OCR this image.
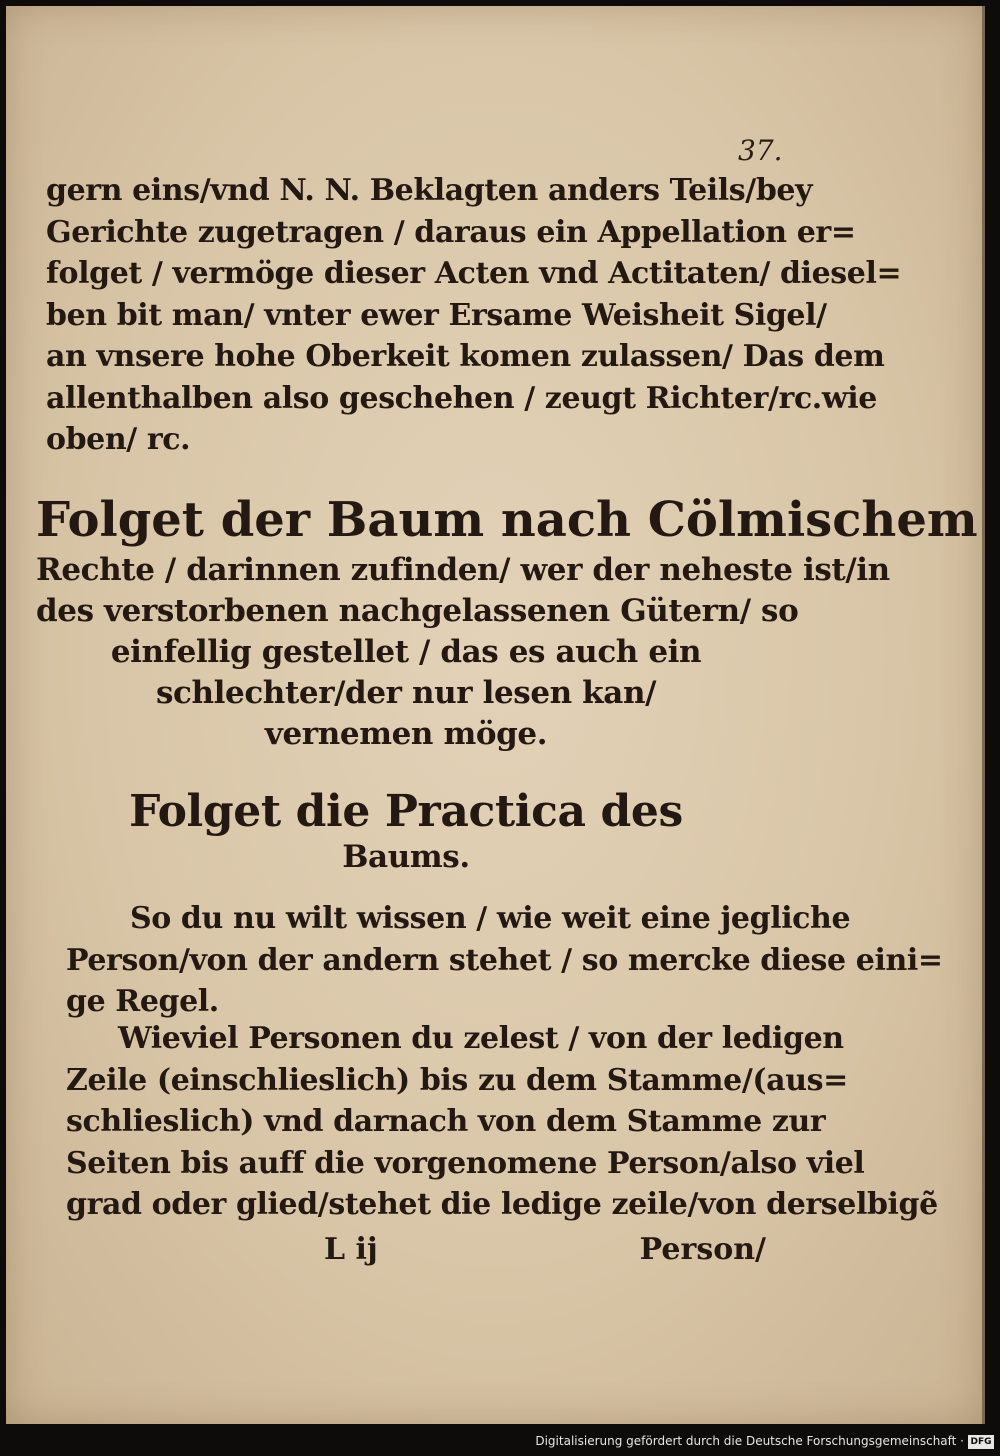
37.
gern eins/vnd N. N. Beklagten anders Teils/bey
Gerichte zugetragen / daraus ein Appellation er=
folget / vermöge dieser Acten vnd Actitaten/ diesel=
ben bit man/ vnter ewer Ersame Weisheit Sigel/
an vnsere hohe Oberkeit komen zulassen/ Das dem
allenthalben also geschehen / zeugt Richter/rc.wie
oben/ rc.
Folget der Baum nach Cölmischem
Rechte / darinnen zufinden/ wer der neheste ist/in
des verstorbenen nachgelassenen Gütern/ so
einfellig gestellet / das es auch ein
schlechter/der nur lesen kan/
vernemen möge.
Folget die Practica des
Baums.
So du nu wilt wissen / wie weit eine jegliche
Person/von der andern stehet / so mercke diese eini=
ge Regel.
Wieviel Personen du zelest / von der ledigen
Zeile (einschlieslich) bis zu dem Stamme/(aus=
schlieslich) vnd darnach von dem Stamme zur
Seiten bis auff die vorgenomene Person/also viel
grad oder glied/stehet die ledige zeile/von derselbigẽ
L ij	Person/
Digitalisierung gefördert durch die Deutsche Forschungsgemeinschaft · DFG
